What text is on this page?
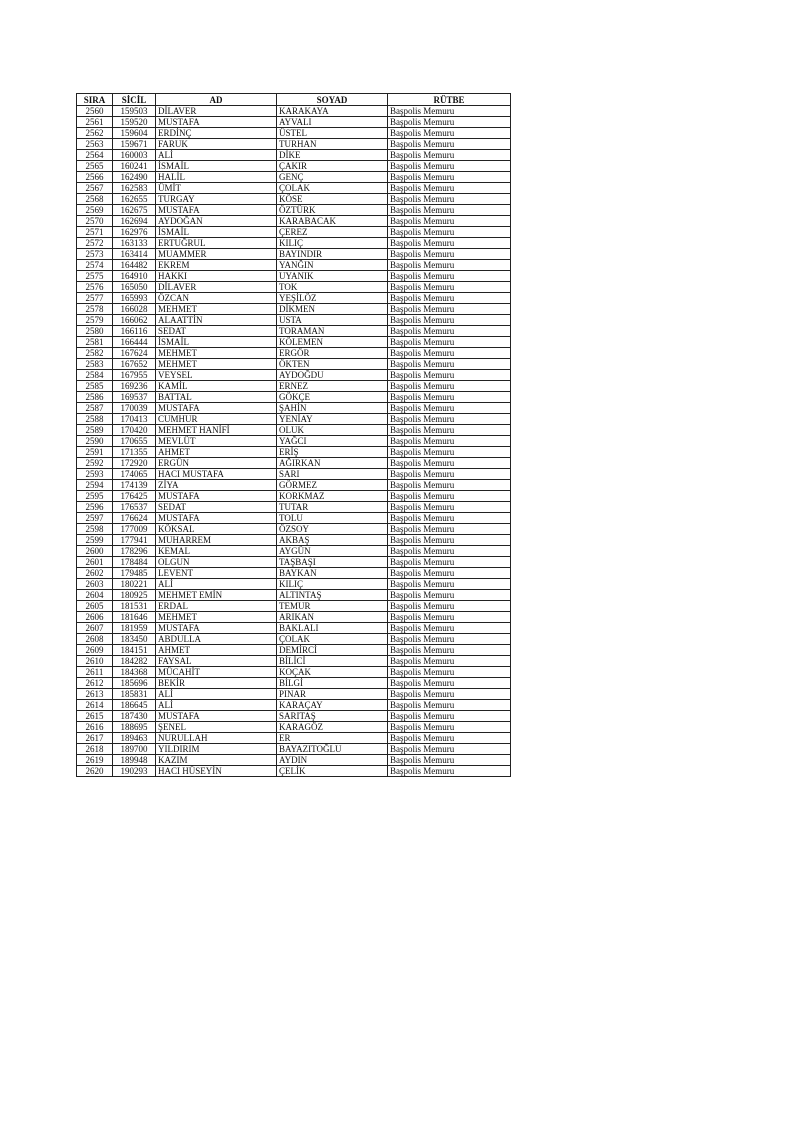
SIRA	SİCİL	AD	SOYAD	RÜTBE
2560	159503	DİLAVER	KARAKAYA	Başpolis Memuru
2561	159520	MUSTAFA	AYVALI	Başpolis Memuru
2562	159604	ERDİNÇ	ÜSTEL	Başpolis Memuru
2563	159671	FARUK	TURHAN	Başpolis Memuru
2564	160003	ALİ	DİKE	Başpolis Memuru
2565	160241	İSMAİL	ÇAKIR	Başpolis Memuru
2566	162490	HALİL	GENÇ	Başpolis Memuru
2567	162583	ÜMİT	ÇOLAK	Başpolis Memuru
2568	162655	TURGAY	KÖSE	Başpolis Memuru
2569	162675	MUSTAFA	ÖZTÜRK	Başpolis Memuru
2570	162694	AYDOĞAN	KARABACAK	Başpolis Memuru
2571	162976	İSMAİL	ÇEREZ	Başpolis Memuru
2572	163133	ERTUĞRUL	KILIÇ	Başpolis Memuru
2573	163414	MUAMMER	BAYINDIR	Başpolis Memuru
2574	164482	EKREM	YANĞIN	Başpolis Memuru
2575	164910	HAKKI	UYANIK	Başpolis Memuru
2576	165050	DİLAVER	TOK	Başpolis Memuru
2577	165993	ÖZCAN	YEŞİLÖZ	Başpolis Memuru
2578	166028	MEHMET	DİKMEN	Başpolis Memuru
2579	166062	ALAATTİN	USTA	Başpolis Memuru
2580	166116	SEDAT	TORAMAN	Başpolis Memuru
2581	166444	İSMAİL	KÖLEMEN	Başpolis Memuru
2582	167624	MEHMET	ERGÖR	Başpolis Memuru
2583	167652	MEHMET	ÖKTEN	Başpolis Memuru
2584	167955	VEYSEL	AYDOĞDU	Başpolis Memuru
2585	169236	KAMİL	ERNEZ	Başpolis Memuru
2586	169537	BATTAL	GÖKÇE	Başpolis Memuru
2587	170039	MUSTAFA	ŞAHİN	Başpolis Memuru
2588	170413	CUMHUR	YENİAY	Başpolis Memuru
2589	170420	MEHMET HANİFİ	OLUK	Başpolis Memuru
2590	170655	MEVLÜT	YAĞCI	Başpolis Memuru
2591	171355	AHMET	ERİŞ	Başpolis Memuru
2592	172920	ERGÜN	AĞIRKAN	Başpolis Memuru
2593	174065	HACI MUSTAFA	SARI	Başpolis Memuru
2594	174139	ZİYA	GÖRMEZ	Başpolis Memuru
2595	176425	MUSTAFA	KORKMAZ	Başpolis Memuru
2596	176537	SEDAT	TUTAR	Başpolis Memuru
2597	176624	MUSTAFA	TOLU	Başpolis Memuru
2598	177009	KÖKSAL	ÖZSOY	Başpolis Memuru
2599	177941	MUHARREM	AKBAŞ	Başpolis Memuru
2600	178296	KEMAL	AYGÜN	Başpolis Memuru
2601	178484	OLGUN	TAŞBAŞI	Başpolis Memuru
2602	179485	LEVENT	BAYKAN	Başpolis Memuru
2603	180221	ALİ	KILIÇ	Başpolis Memuru
2604	180925	MEHMET EMİN	ALTINTAŞ	Başpolis Memuru
2605	181531	ERDAL	TEMUR	Başpolis Memuru
2606	181646	MEHMET	ARIKAN	Başpolis Memuru
2607	181959	MUSTAFA	BAKLALI	Başpolis Memuru
2608	183450	ABDULLA	ÇOLAK	Başpolis Memuru
2609	184151	AHMET	DEMİRCİ	Başpolis Memuru
2610	184282	FAYSAL	BİLİCİ	Başpolis Memuru
2611	184368	MÜCAHİT	KOÇAK	Başpolis Memuru
2612	185696	BEKİR	BİLGİ	Başpolis Memuru
2613	185831	ALİ	PINAR	Başpolis Memuru
2614	186645	ALİ	KARAÇAY	Başpolis Memuru
2615	187430	MUSTAFA	SARITAŞ	Başpolis Memuru
2616	188695	ŞENEL	KARAGÖZ	Başpolis Memuru
2617	189463	NURULLAH	ER	Başpolis Memuru
2618	189700	YILDIRIM	BAYAZITOĞLU	Başpolis Memuru
2619	189948	KAZIM	AYDIN	Başpolis Memuru
2620	190293	HACI HÜSEYİN	ÇELİK	Başpolis Memuru
